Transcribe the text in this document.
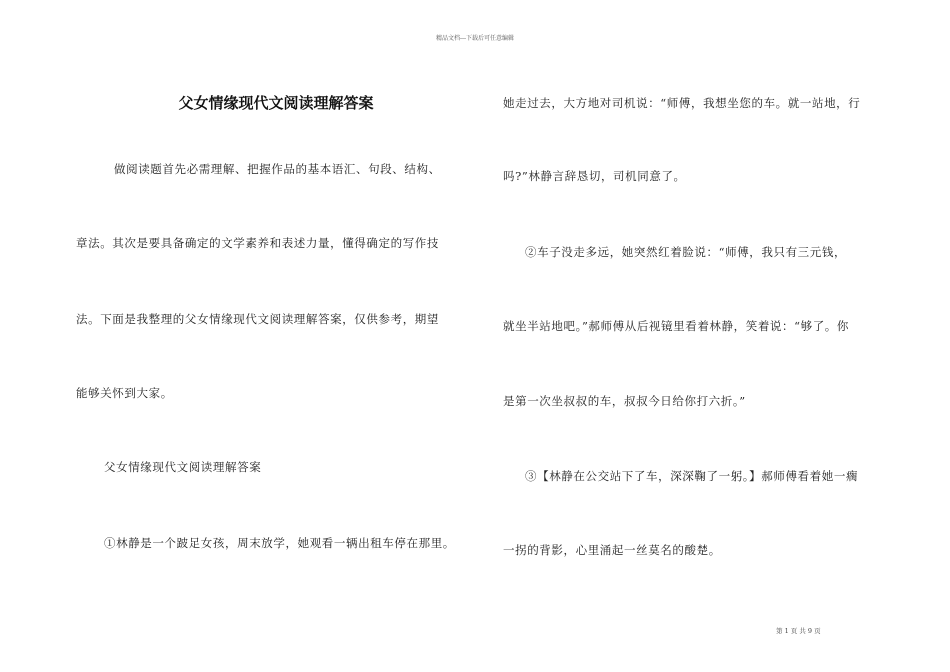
精品文档---下载后可任意编辑
父女情缘现代文阅读理解答案
做阅读题首先必需理解、把握作品的基本语汇、句段、结构、
章法。其次是要具备确定的文学素养和表述力量，懂得确定的写作技
法。下面是我整理的父女情缘现代文阅读理解答案，仅供参考，期望
能够关怀到大家。
父女情缘现代文阅读理解答案
①林静是一个跛足女孩，周末放学，她观看一辆出租车停在那里。
她走过去，大方地对司机说：“师傅，我想坐您的车。就一站地，行
吗?”林静言辞恳切，司机同意了。
②车子没走多远，她突然红着脸说：“师傅，我只有三元钱，
就坐半站地吧。”郝师傅从后视镜里看着林静，笑着说：“够了。你
是第一次坐叔叔的车，叔叔今日给你打六折。”
③【林静在公交站下了车，深深鞠了一躬。】郝师傅看着她一瘸
一拐的背影，心里涌起一丝莫名的酸楚。
第 1 页 共 9 页
